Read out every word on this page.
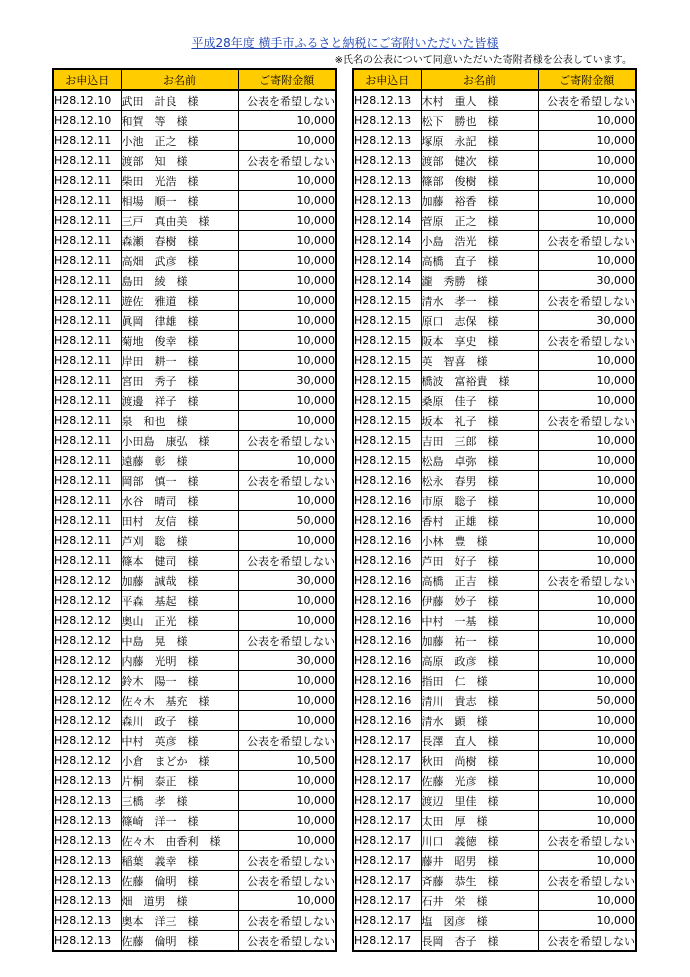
平成28年度 横手市ふるさと納税にご寄附いただいた皆様
※氏名の公表について同意いただいた寄附者様を公表しています。
お申込日	お名前	ご寄附金額
H28.12.10	武田　計良　様	公表を希望しない
H28.12.10	和賀　等　様	10,000
H28.12.11	小池　正之　様	10,000
H28.12.11	渡部　知　様	公表を希望しない
H28.12.11	柴田　光浩　様	10,000
H28.12.11	相場　順一　様	10,000
H28.12.11	三戸　真由美　様	10,000
H28.12.11	森瀬　春樹　様	10,000
H28.12.11	高畑　武彦　様	10,000
H28.12.11	島田　綾　様	10,000
H28.12.11	遊佐　雅道　様	10,000
H28.12.11	眞岡　律雄　様	10,000
H28.12.11	菊地　俊幸　様	10,000
H28.12.11	岸田　耕一　様	10,000
H28.12.11	宮田　秀子　様	30,000
H28.12.11	渡邊　祥子　様	10,000
H28.12.11	泉　和也　様	10,000
H28.12.11	小田島　康弘　様	公表を希望しない
H28.12.11	遠藤　彰　様	10,000
H28.12.11	岡部　慎一　様	公表を希望しない
H28.12.11	水谷　晴司　様	10,000
H28.12.11	田村　友信　様	50,000
H28.12.11	芦刈　聡　様	10,000
H28.12.11	篠本　健司　様	公表を希望しない
H28.12.12	加藤　誠哉　様	30,000
H28.12.12	平森　基起　様	10,000
H28.12.12	奥山　正光　様	10,000
H28.12.12	中島　晃　様	公表を希望しない
H28.12.12	内藤　光明　様	30,000
H28.12.12	鈴木　陽一　様	10,000
H28.12.12	佐々木　基充　様	10,000
H28.12.12	森川　政子　様	10,000
H28.12.12	中村　英彦　様	公表を希望しない
H28.12.12	小倉　まどか　様	10,500
H28.12.13	片桐　泰正　様	10,000
H28.12.13	三橋　孝　様	10,000
H28.12.13	篠崎　洋一　様	10,000
H28.12.13	佐々木　由香利　様	10,000
H28.12.13	稲葉　義幸　様	公表を希望しない
H28.12.13	佐藤　倫明　様	公表を希望しない
H28.12.13	畑　道男　様	10,000
H28.12.13	奥本　洋三　様	公表を希望しない
H28.12.13	佐藤　倫明　様	公表を希望しない
お申込日	お名前	ご寄附金額
H28.12.13	木村　重人　様	公表を希望しない
H28.12.13	松下　勝也　様	10,000
H28.12.13	塚原　永記　様	10,000
H28.12.13	渡部　健次　様	10,000
H28.12.13	篠部　俊樹　様	10,000
H28.12.13	加藤　裕香　様	10,000
H28.12.14	菅原　正之　様	10,000
H28.12.14	小島　浩光　様	公表を希望しない
H28.12.14	高橋　直子　様	10,000
H28.12.14	瀧　秀勝　様	30,000
H28.12.15	清水　孝一　様	公表を希望しない
H28.12.15	原口　志保　様	30,000
H28.12.15	阪本　享史　様	公表を希望しない
H28.12.15	英　智喜　様	10,000
H28.12.15	橋波　富裕貴　様	10,000
H28.12.15	桑原　佳子　様	10,000
H28.12.15	坂本　礼子　様	公表を希望しない
H28.12.15	吉田　三郎　様	10,000
H28.12.15	松島　卓弥　様	10,000
H28.12.16	松永　春男　様	10,000
H28.12.16	市原　聡子　様	10,000
H28.12.16	香村　正雄　様	10,000
H28.12.16	小林　豊　様	10,000
H28.12.16	芦田　好子　様	10,000
H28.12.16	高橋　正吉　様	公表を希望しない
H28.12.16	伊藤　妙子　様	10,000
H28.12.16	中村　一基　様	10,000
H28.12.16	加藤　祐一　様	10,000
H28.12.16	高原　政彦　様	10,000
H28.12.16	指田　仁　様	10,000
H28.12.16	清川　貴志　様	50,000
H28.12.16	清水　顕　様	10,000
H28.12.17	長澤　直人　様	10,000
H28.12.17	秋田　尚樹　様	10,000
H28.12.17	佐藤　光彦　様	10,000
H28.12.17	渡辺　里佳　様	10,000
H28.12.17	太田　厚　様	10,000
H28.12.17	川口　義徳　様	公表を希望しない
H28.12.17	藤井　昭男　様	10,000
H28.12.17	斉藤　恭生　様	公表を希望しない
H28.12.17	石井　栄　様	10,000
H28.12.17	塩　図彦　様	10,000
H28.12.17	長岡　杏子　様	公表を希望しない
